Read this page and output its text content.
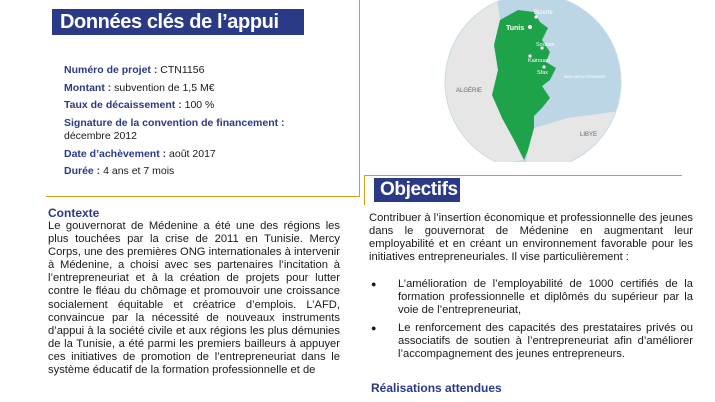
Données clés de l’appui AFD
Numéro de projet : CTN1156
Montant : subvention de 1,5 M€
Taux de décaissement : 100 %
Signature de la convention de financement :
décembre 2012
Date d’achèvement : août 2017
Durée : 4 ans et 7 mois
Contexte
Le gouvernorat de Médenine a été une des régions les plus touchées par la crise de 2011 en Tunisie. Mercy Corps, une des premières ONG internationales à intervenir à Médenine, a choisi avec ses partenaires l’incitation à l’entrepreneuriat et à la création de projets pour lutter contre le fléau du chômage et promouvoir une croissance socialement équitable et créatrice d’emplois. L’AFD, convaincue par la nécessité de nouveaux instruments d’appui à la société civile et aux régions les plus démunies de la Tunisie, a été parmi les premiers bailleurs à appuyer ces initiatives de promotion de l’entrepreneuriat dans le système éducatif de la formation professionnelle et de
Bizerte
Tunis
Sousse
Kairouan
Sfax
ALGÉRIE
MER MÉDITERRANÉE
LIBYE
Objectifs
Contribuer à l’insertion économique et professionnelle des jeunes dans le gouvernorat de Médenine en augmentant leur employabilité et en créant un environnement favorable pour les initiatives entrepreneuriales. Il vise particulièrement :
● L’amélioration de l’employabilité de 1000 certifiés de la formation professionnelle et diplômés du supérieur par la voie de l’entrepreneuriat,
● Le renforcement des capacités des prestataires privés ou associatifs de soutien à l’entrepreneuriat afin d’améliorer l’accompagnement des jeunes entrepreneurs.
Réalisations attendues
